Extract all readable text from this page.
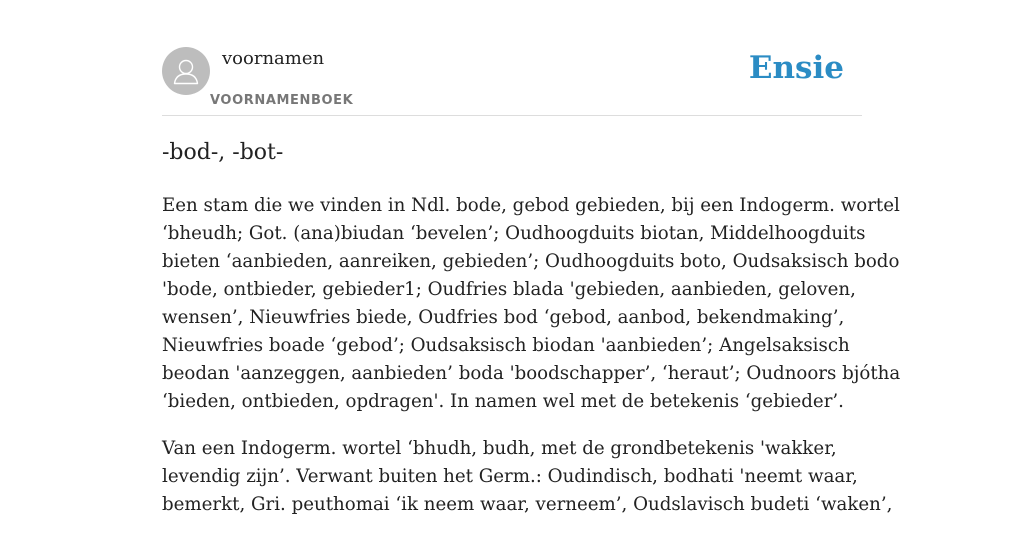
voornamen
VOORNAMENBOEK
Ensie
-bod-, -bot-

Een stam die we vinden in Ndl. bode, gebod gebieden, bij een Indogerm. wortel
‘bheudh; Got. (ana)biudan ‘bevelen’; Oudhoogduits biotan, Middelhoogduits
bieten ‘aanbieden, aanreiken, gebieden’; Oudhoogduits boto, Oudsaksisch bodo
'bode, ontbieder, gebieder1; Oudfries blada 'gebieden, aanbieden, geloven,
wensen’, Nieuwfries biede, Oudfries bod ‘gebod, aanbod, bekendmaking’,
Nieuwfries boade ‘gebod’; Oudsaksisch biodan 'aanbieden’; Angelsaksisch
beodan 'aanzeggen, aanbieden’ boda 'boodschapper’, ‘heraut’; Oudnoors bjótha
‘bieden, ontbieden, opdragen'. In namen wel met de betekenis ‘gebieder’.

Van een Indogerm. wortel ‘bhudh, budh, met de grondbetekenis 'wakker,
levendig zijn’. Verwant buiten het Germ.: Oudindisch, bodhati 'neemt waar,
bemerkt, Gri. peuthomai ‘ik neem waar, verneem’, Oudslavisch budeti ‘waken’,
